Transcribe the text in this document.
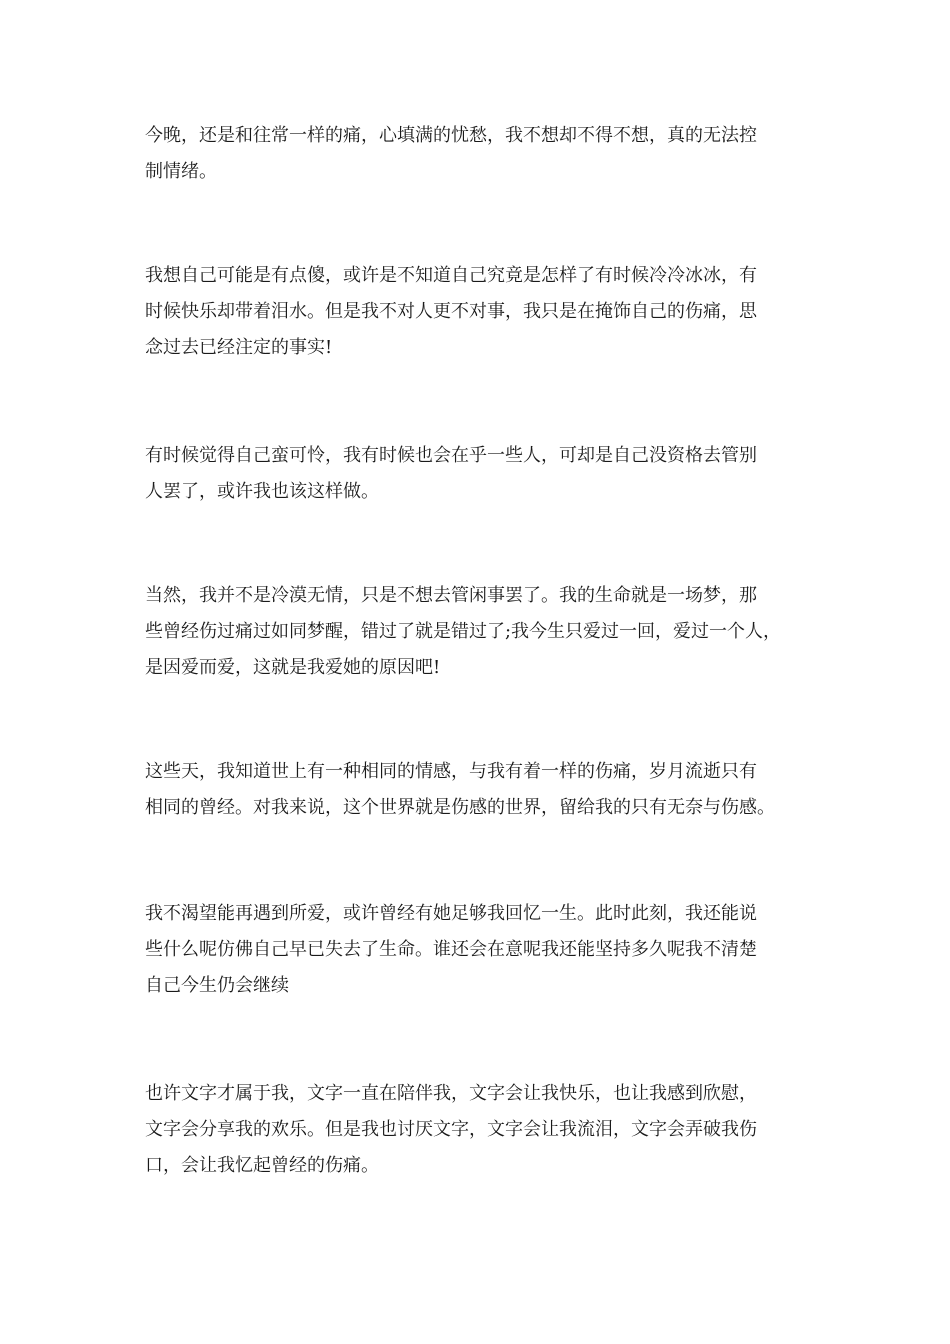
今晚，还是和往常一样的痛，心填满的忧愁，我不想却不得不想，真的无法控
制情绪。
我想自己可能是有点傻，或许是不知道自己究竟是怎样了有时候冷冷冰冰，有
时候快乐却带着泪水。但是我不对人更不对事，我只是在掩饰自己的伤痛，思
念过去已经注定的事实!
有时候觉得自己蛮可怜，我有时候也会在乎一些人，可却是自己没资格去管别
人罢了，或许我也该这样做。
当然，我并不是冷漠无情，只是不想去管闲事罢了。我的生命就是一场梦，那
些曾经伤过痛过如同梦醒，错过了就是错过了;我今生只爱过一回，爱过一个人，
是因爱而爱，这就是我爱她的原因吧!
这些天，我知道世上有一种相同的情感，与我有着一样的伤痛，岁月流逝只有
相同的曾经。对我来说，这个世界就是伤感的世界，留给我的只有无奈与伤感。
我不渴望能再遇到所爱，或许曾经有她足够我回忆一生。此时此刻，我还能说
些什么呢仿佛自己早已失去了生命。谁还会在意呢我还能坚持多久呢我不清楚
自己今生仍会继续
也许文字才属于我，文字一直在陪伴我，文字会让我快乐，也让我感到欣慰，
文字会分享我的欢乐。但是我也讨厌文字，文字会让我流泪，文字会弄破我伤
口，会让我忆起曾经的伤痛。
